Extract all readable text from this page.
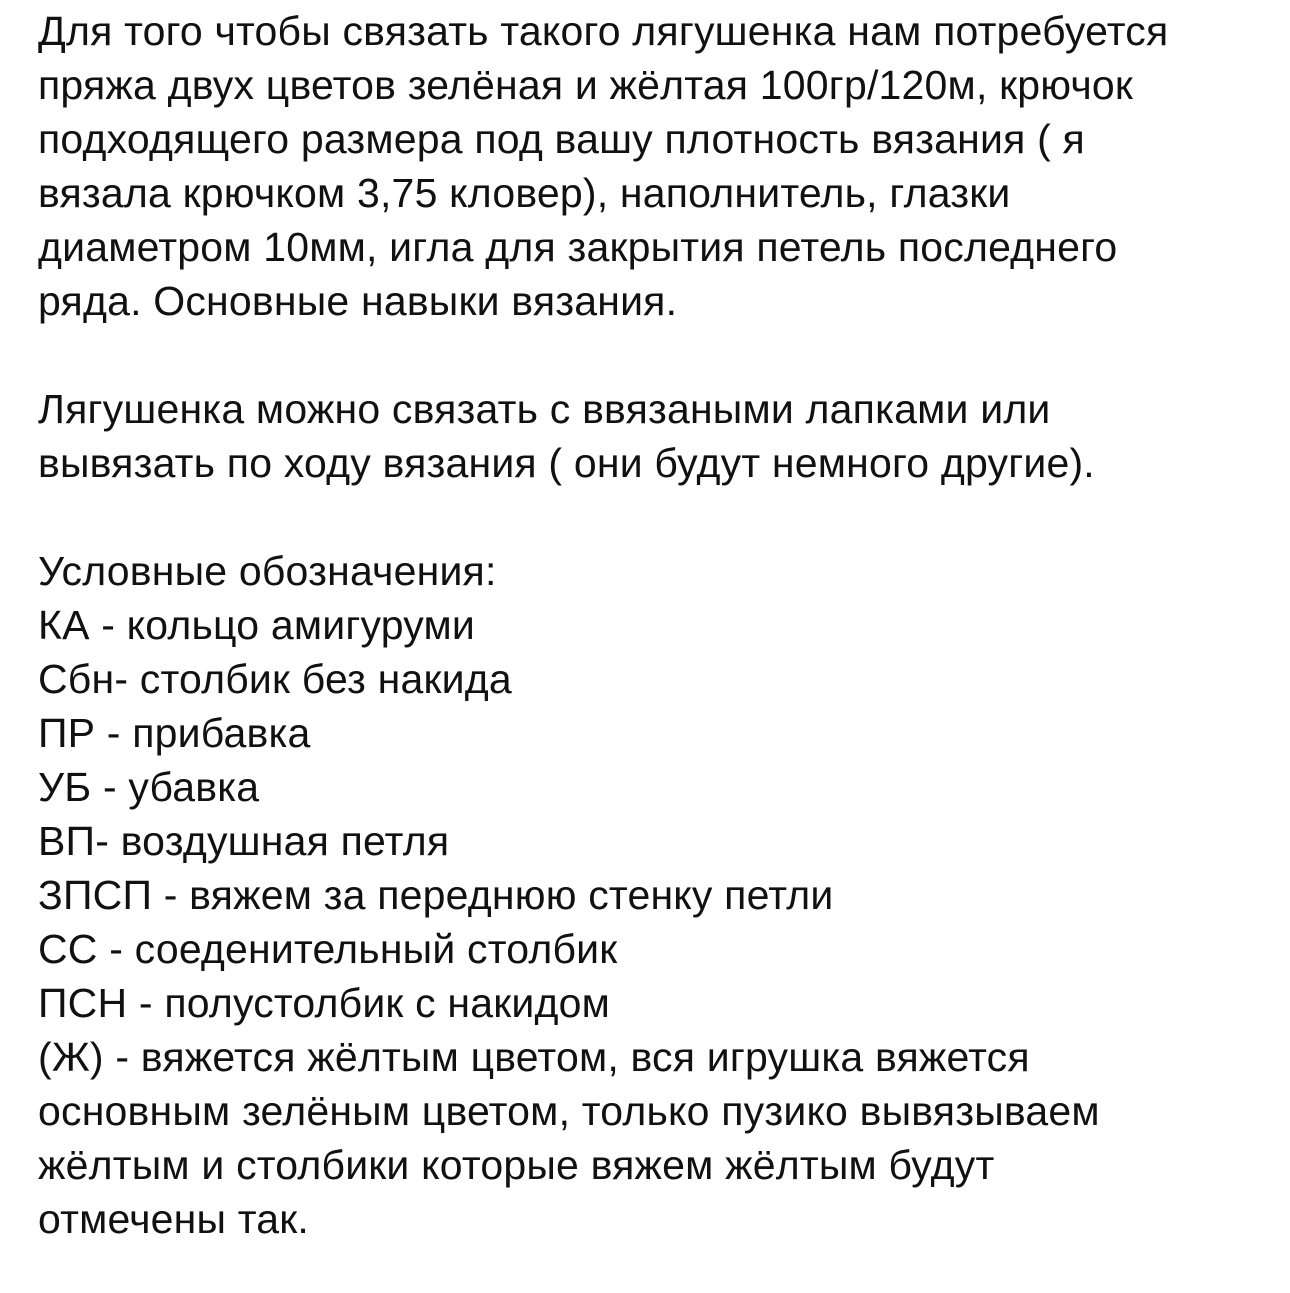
Для того чтобы связать такого лягушенка нам потребуется
пряжа двух цветов зелёная и жёлтая 100гр/120м, крючок
подходящего размера под вашу плотность вязания ( я
вязала крючком 3,75 кловер), наполнитель, глазки
диаметром 10мм, игла для закрытия петель последнего
ряда. Основные навыки вязания.

Лягушенка можно связать с ввязаными лапками или
вывязать по ходу вязания ( они будут немного другие).

Условные обозначения:
КА - кольцо амигуруми
Сбн- столбик без накида
ПР - прибавка
УБ - убавка
ВП- воздушная петля
ЗПСП - вяжем за переднюю стенку петли
СС - соеденительный столбик
ПСН - полустолбик с накидом

(Ж) - вяжется жёлтым цветом, вся игрушка вяжется
основным зелёным цветом, только пузико вывязываем
жёлтым и столбики которые вяжем жёлтым будут
отмечены так.
